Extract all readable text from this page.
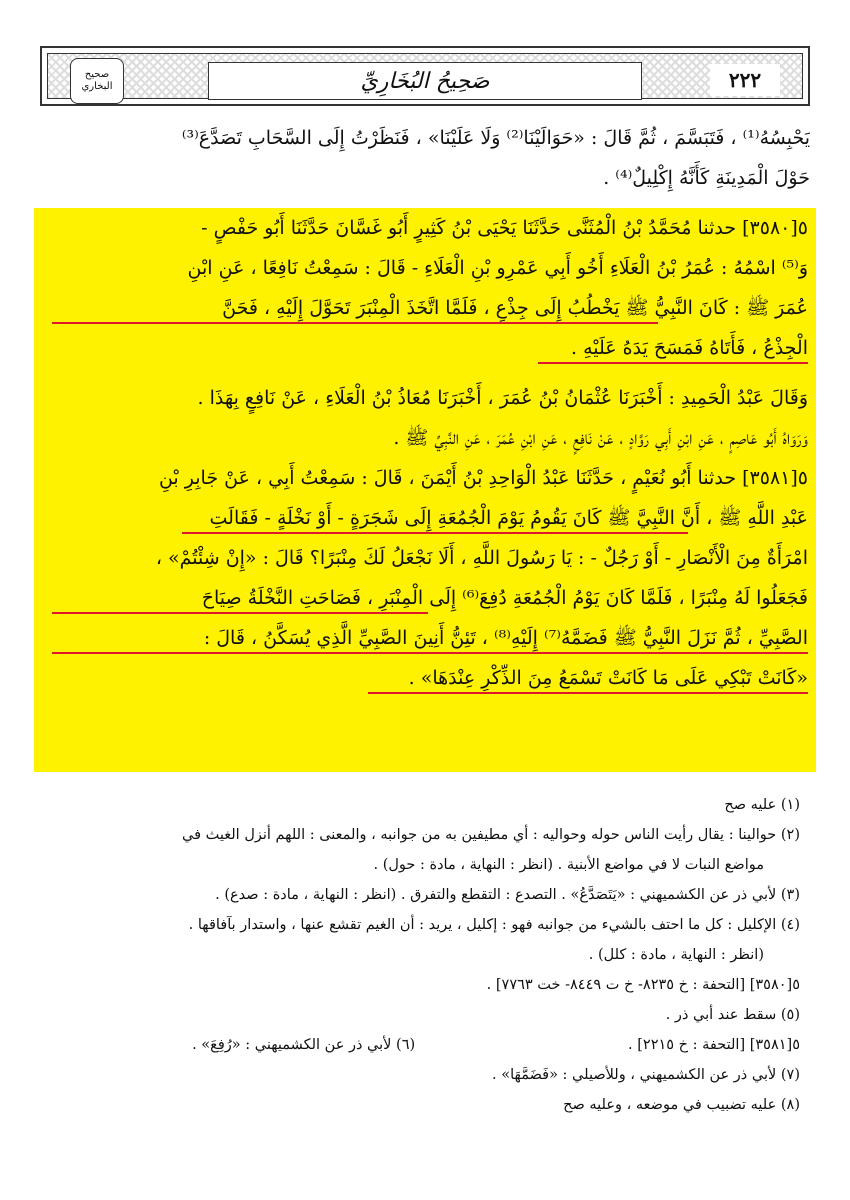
صحيح البخاري	صَحِيحُ البُخَارِيِّ	٢٢٢
يَحْبِسُهُ⁽¹⁾ ، فَتَبَسَّمَ ، ثُمَّ قَالَ : «حَوَالَيْنَا⁽²⁾ وَلَا عَلَيْنَا» ، فَنَظَرْتُ إِلَى السَّحَابِ تَصَدَّعَ⁽³⁾
حَوْلَ الْمَدِينَةِ كَأَنَّهُ إِكْلِيلٌ⁽⁴⁾ .
٥[٣٥٨٠] حدثنا مُحَمَّدُ بْنُ الْمُثَنَّى حَدَّثَنَا يَحْيَى بْنُ كَثِيرٍ أَبُو غَسَّانَ حَدَّثَنَا أَبُو حَفْصٍ -
وَ⁽⁵⁾ اسْمُهُ : عُمَرُ بْنُ الْعَلَاءِ أَخُو أَبِي عَمْرِو بْنِ الْعَلَاءِ - قَالَ : سَمِعْتُ نَافِعًا ، عَنِ ابْنِ
عُمَرَ ﷺ : كَانَ النَّبِيُّ ﷺ يَخْطُبُ إِلَى جِذْعٍ ، فَلَمَّا اتَّخَذَ الْمِنْبَرَ تَحَوَّلَ إِلَيْهِ ، فَحَنَّ
الْجِذْعُ ، فَأَتَاهُ فَمَسَحَ يَدَهُ عَلَيْهِ .
وَقَالَ عَبْدُ الْحَمِيدِ : أَخْبَرَنَا عُثْمَانُ بْنُ عُمَرَ ، أَخْبَرَنَا مُعَاذُ بْنُ الْعَلَاءِ ، عَنْ نَافِعٍ بِهَذَا .
وَرَوَاهُ أَبُو عَاصِمٍ ، عَنِ ابْنِ أَبِي رَوَّادٍ ، عَنْ نَافِعٍ ، عَنِ ابْنِ عُمَرَ ، عَنِ النَّبِيِّ ﷺ .
٥[٣٥٨١] حدثنا أَبُو نُعَيْمٍ ، حَدَّثَنَا عَبْدُ الْوَاحِدِ بْنُ أَيْمَنَ ، قَالَ : سَمِعْتُ أَبِي ، عَنْ جَابِرِ بْنِ
عَبْدِ اللَّهِ ﷺ ، أَنَّ النَّبِيَّ ﷺ كَانَ يَقُومُ يَوْمَ الْجُمُعَةِ إِلَى شَجَرَةٍ - أَوْ نَخْلَةٍ - فَقَالَتِ
امْرَأَةٌ مِنَ الْأَنْصَارِ - أَوْ رَجُلٌ - : يَا رَسُولَ اللَّهِ ، أَلَا نَجْعَلُ لَكَ مِنْبَرًا؟ قَالَ : «إِنْ شِئْتُمْ» ،
فَجَعَلُوا لَهُ مِنْبَرًا ، فَلَمَّا كَانَ يَوْمُ الْجُمُعَةِ دُفِعَ⁽⁶⁾ إِلَى الْمِنْبَرِ ، فَصَاحَتِ النَّخْلَةُ صِيَاحَ
الصَّبِيِّ ، ثُمَّ نَزَلَ النَّبِيُّ ﷺ فَضَمَّهُ⁽⁷⁾ إِلَيْهِ⁽⁸⁾ ، تَئِنُّ أَنِينَ الصَّبِيِّ الَّذِي يُسَكَّنُ ، قَالَ :
«كَانَتْ تَبْكِي عَلَى مَا كَانَتْ تَسْمَعُ مِنَ الذِّكْرِ عِنْدَهَا» .
(١) عليه صح
(٢) حوالينا : يقال رأيت الناس حوله وحواليه : أي مطيفين به من جوانبه ، والمعنى : اللهم أنزل الغيث في
مواضع النبات لا في مواضع الأبنية . (انظر : النهاية ، مادة : حول) .
(٣) لأبي ذر عن الكشميهني : «يَتَصَدَّعُ» . التصدع : التقطع والتفرق . (انظر : النهاية ، مادة : صدع) .
(٤) الإكليل : كل ما احتف بالشيء من جوانبه فهو : إكليل ، يريد : أن الغيم تقشع عنها ، واستدار بآفاقها .
(انظر : النهاية ، مادة : كلل) .
٥[٣٥٨٠] [التحفة : خ ٨٢٣٥- خ ت ٨٤٤٩- خت ٧٧٦٣] .
(٥) سقط عند أبي ذر .
٥[٣٥٨١] [التحفة : خ ٢٢١٥] .
(٦) لأبي ذر عن الكشميهني : «رُفِعَ» .
(٧) لأبي ذر عن الكشميهني ، وللأصيلي : «فَضَمَّهَا» .
(٨) عليه تضبيب في موضعه ، وعليه صح
